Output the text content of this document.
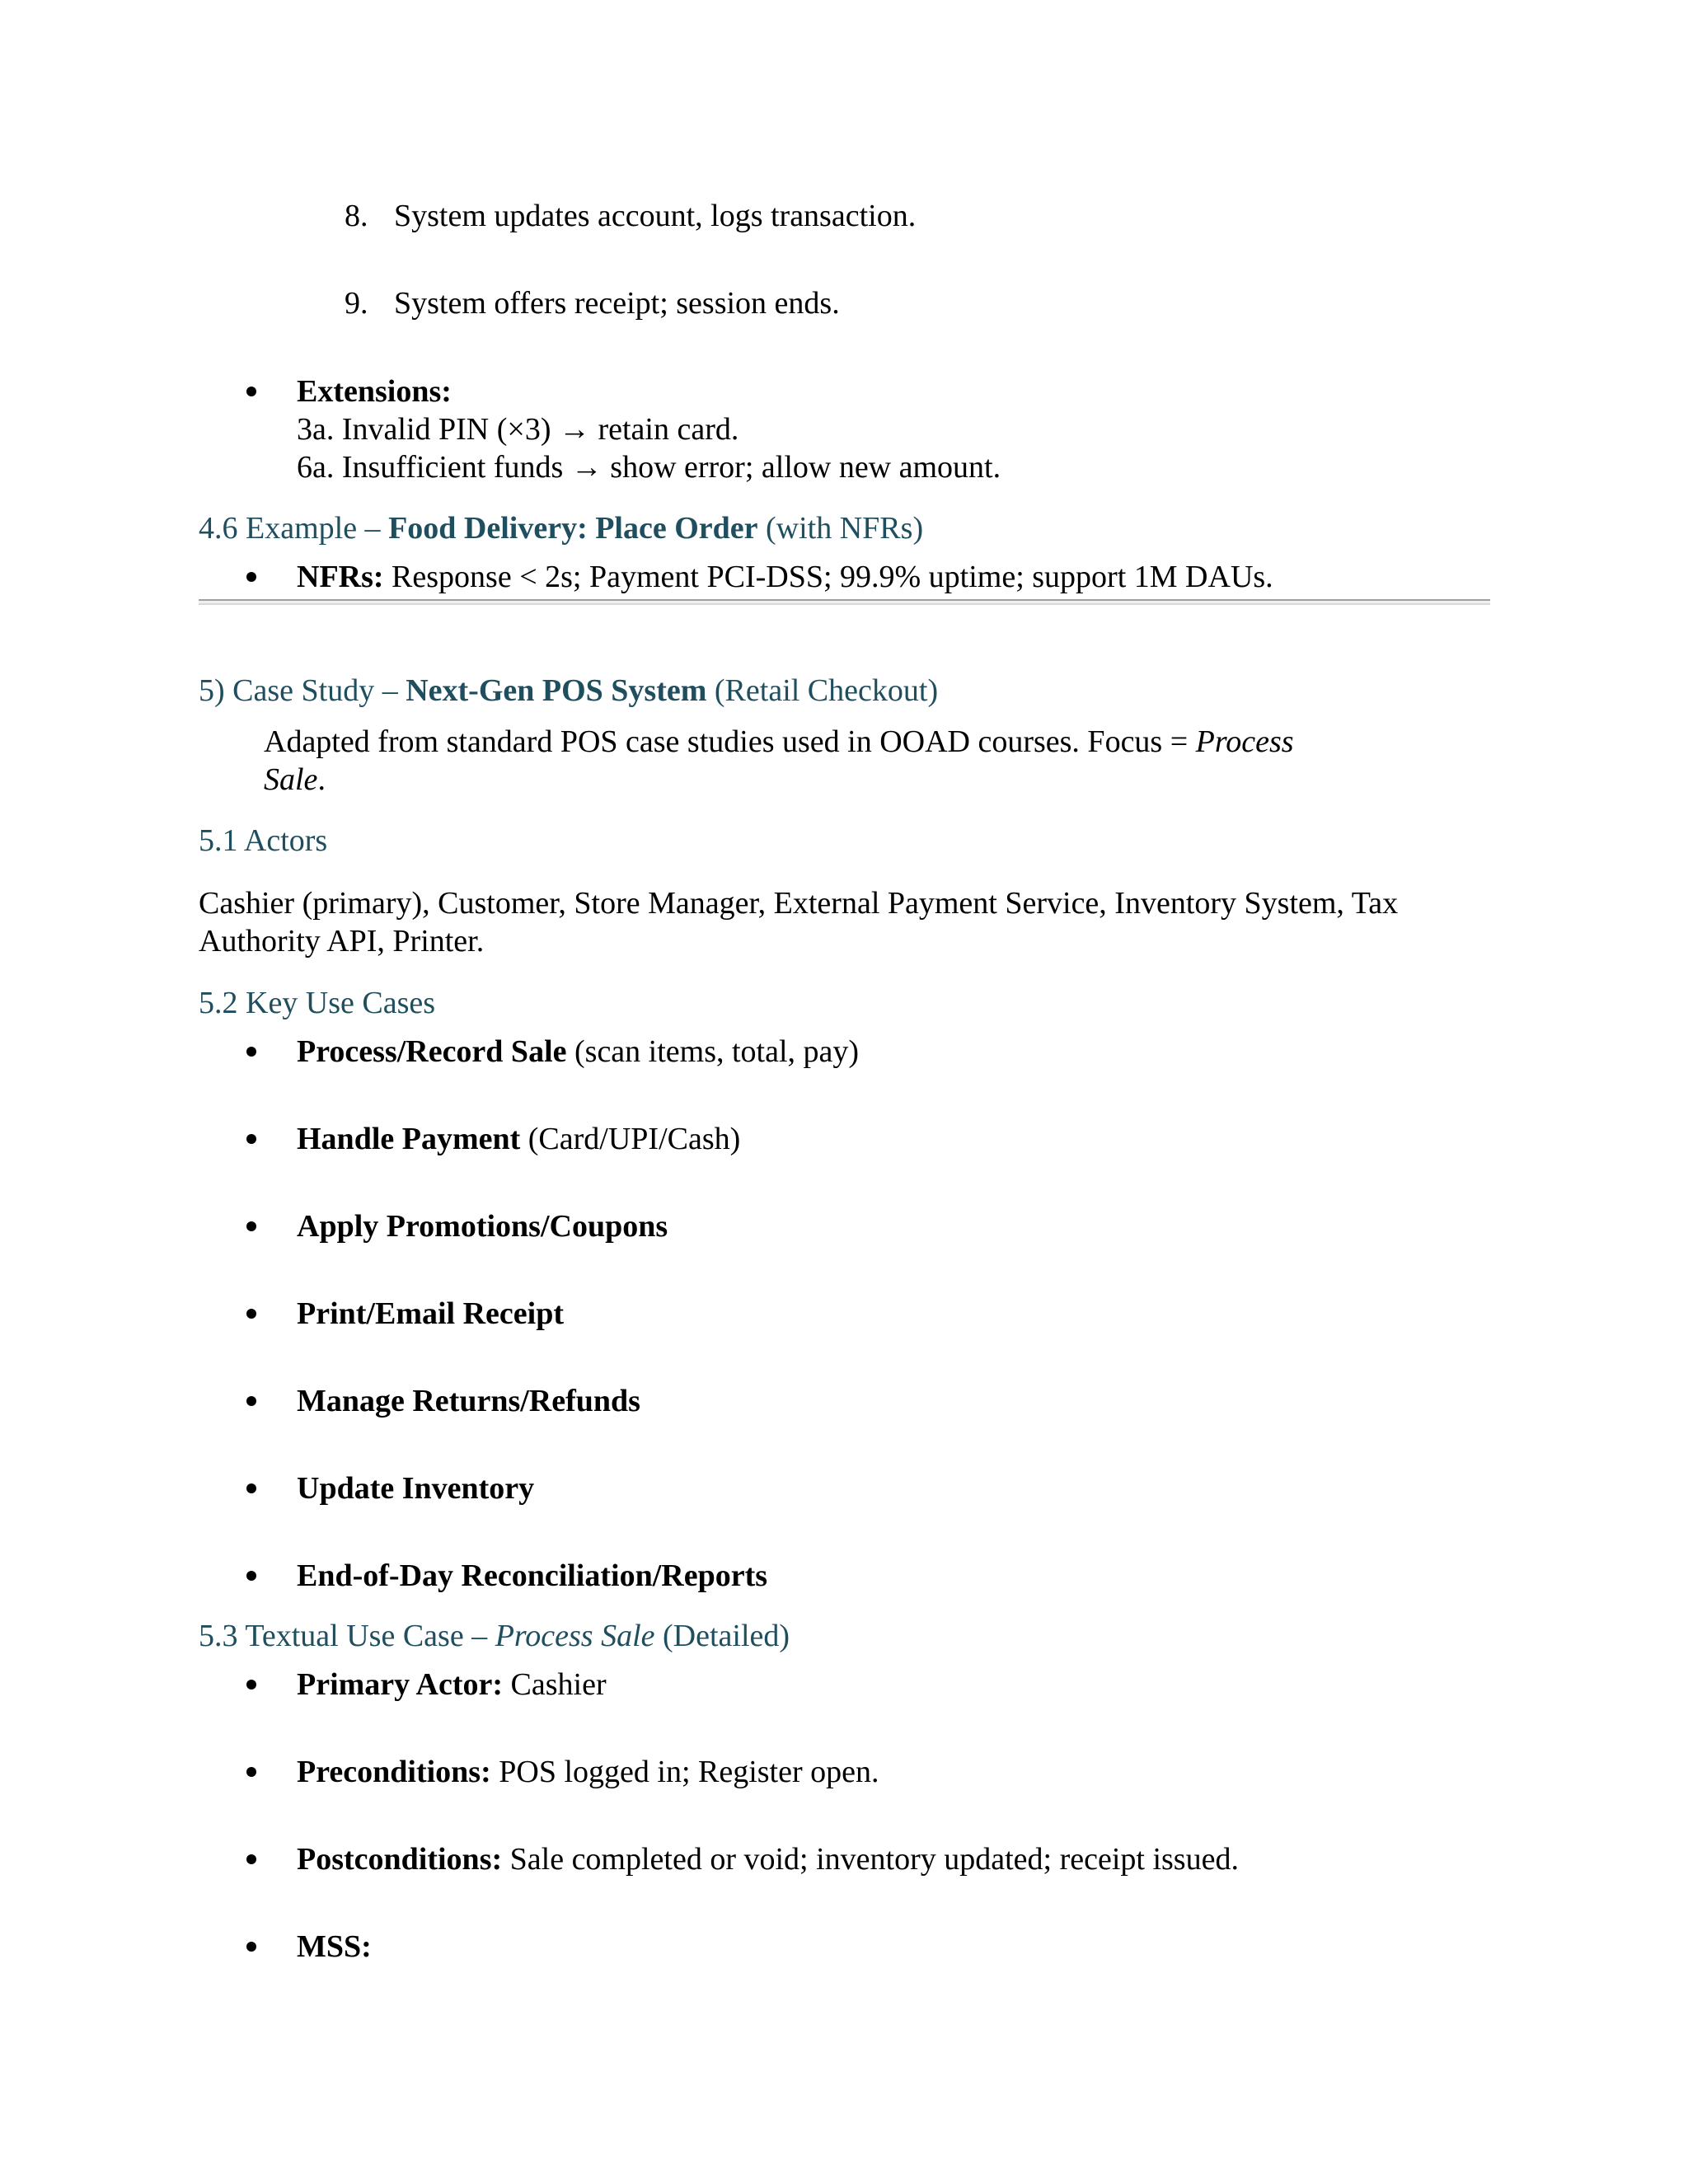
8. System updates account, logs transaction.
9. System offers receipt; session ends.
Extensions:
3a. Invalid PIN (×3) → retain card.
6a. Insufficient funds → show error; allow new amount.
4.6 Example – Food Delivery: Place Order (with NFRs)
NFRs: Response < 2s; Payment PCI-DSS; 99.9% uptime; support 1M DAUs.
5) Case Study – Next-Gen POS System (Retail Checkout)
Adapted from standard POS case studies used in OOAD courses. Focus = Process
Sale.
5.1 Actors
Cashier (primary), Customer, Store Manager, External Payment Service, Inventory System, Tax
Authority API, Printer.
5.2 Key Use Cases
Process/Record Sale (scan items, total, pay)
Handle Payment (Card/UPI/Cash)
Apply Promotions/Coupons
Print/Email Receipt
Manage Returns/Refunds
Update Inventory
End-of-Day Reconciliation/Reports
5.3 Textual Use Case – Process Sale (Detailed)
Primary Actor: Cashier
Preconditions: POS logged in; Register open.
Postconditions: Sale completed or void; inventory updated; receipt issued.
MSS:
